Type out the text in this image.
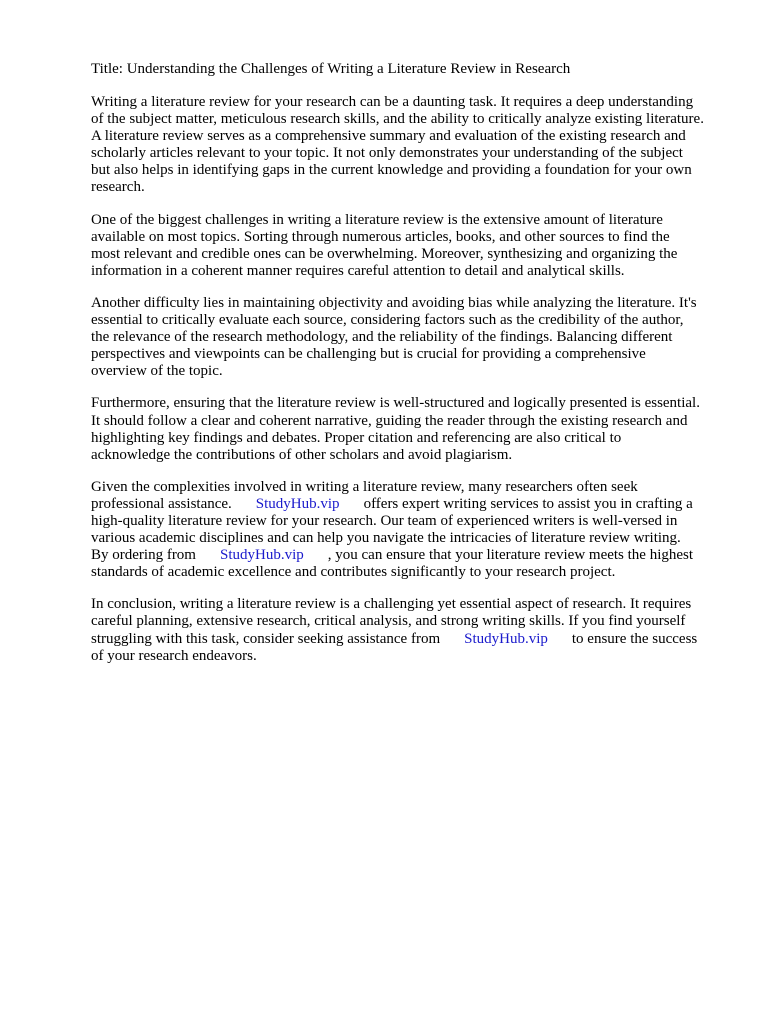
Title: Understanding the Challenges of Writing a Literature Review in Research

Writing a literature review for your research can be a daunting task. It requires a deep understanding
of the subject matter, meticulous research skills, and the ability to critically analyze existing literature.
A literature review serves as a comprehensive summary and evaluation of the existing research and
scholarly articles relevant to your topic. It not only demonstrates your understanding of the subject
but also helps in identifying gaps in the current knowledge and providing a foundation for your own
research.

One of the biggest challenges in writing a literature review is the extensive amount of literature
available on most topics. Sorting through numerous articles, books, and other sources to find the
most relevant and credible ones can be overwhelming. Moreover, synthesizing and organizing the
information in a coherent manner requires careful attention to detail and analytical skills.

Another difficulty lies in maintaining objectivity and avoiding bias while analyzing the literature. It's
essential to critically evaluate each source, considering factors such as the credibility of the author,
the relevance of the research methodology, and the reliability of the findings. Balancing different
perspectives and viewpoints can be challenging but is crucial for providing a comprehensive
overview of the topic.

Furthermore, ensuring that the literature review is well-structured and logically presented is essential.
It should follow a clear and coherent narrative, guiding the reader through the existing research and
highlighting key findings and debates. Proper citation and referencing are also critical to
acknowledge the contributions of other scholars and avoid plagiarism.

Given the complexities involved in writing a literature review, many researchers often seek
professional assistance. StudyHub.vip offers expert writing services to assist you in crafting a
high-quality literature review for your research. Our team of experienced writers is well-versed in
various academic disciplines and can help you navigate the intricacies of literature review writing.
By ordering from StudyHub.vip , you can ensure that your literature review meets the highest
standards of academic excellence and contributes significantly to your research project.

In conclusion, writing a literature review is a challenging yet essential aspect of research. It requires
careful planning, extensive research, critical analysis, and strong writing skills. If you find yourself
struggling with this task, consider seeking assistance from StudyHub.vip to ensure the success
of your research endeavors.
